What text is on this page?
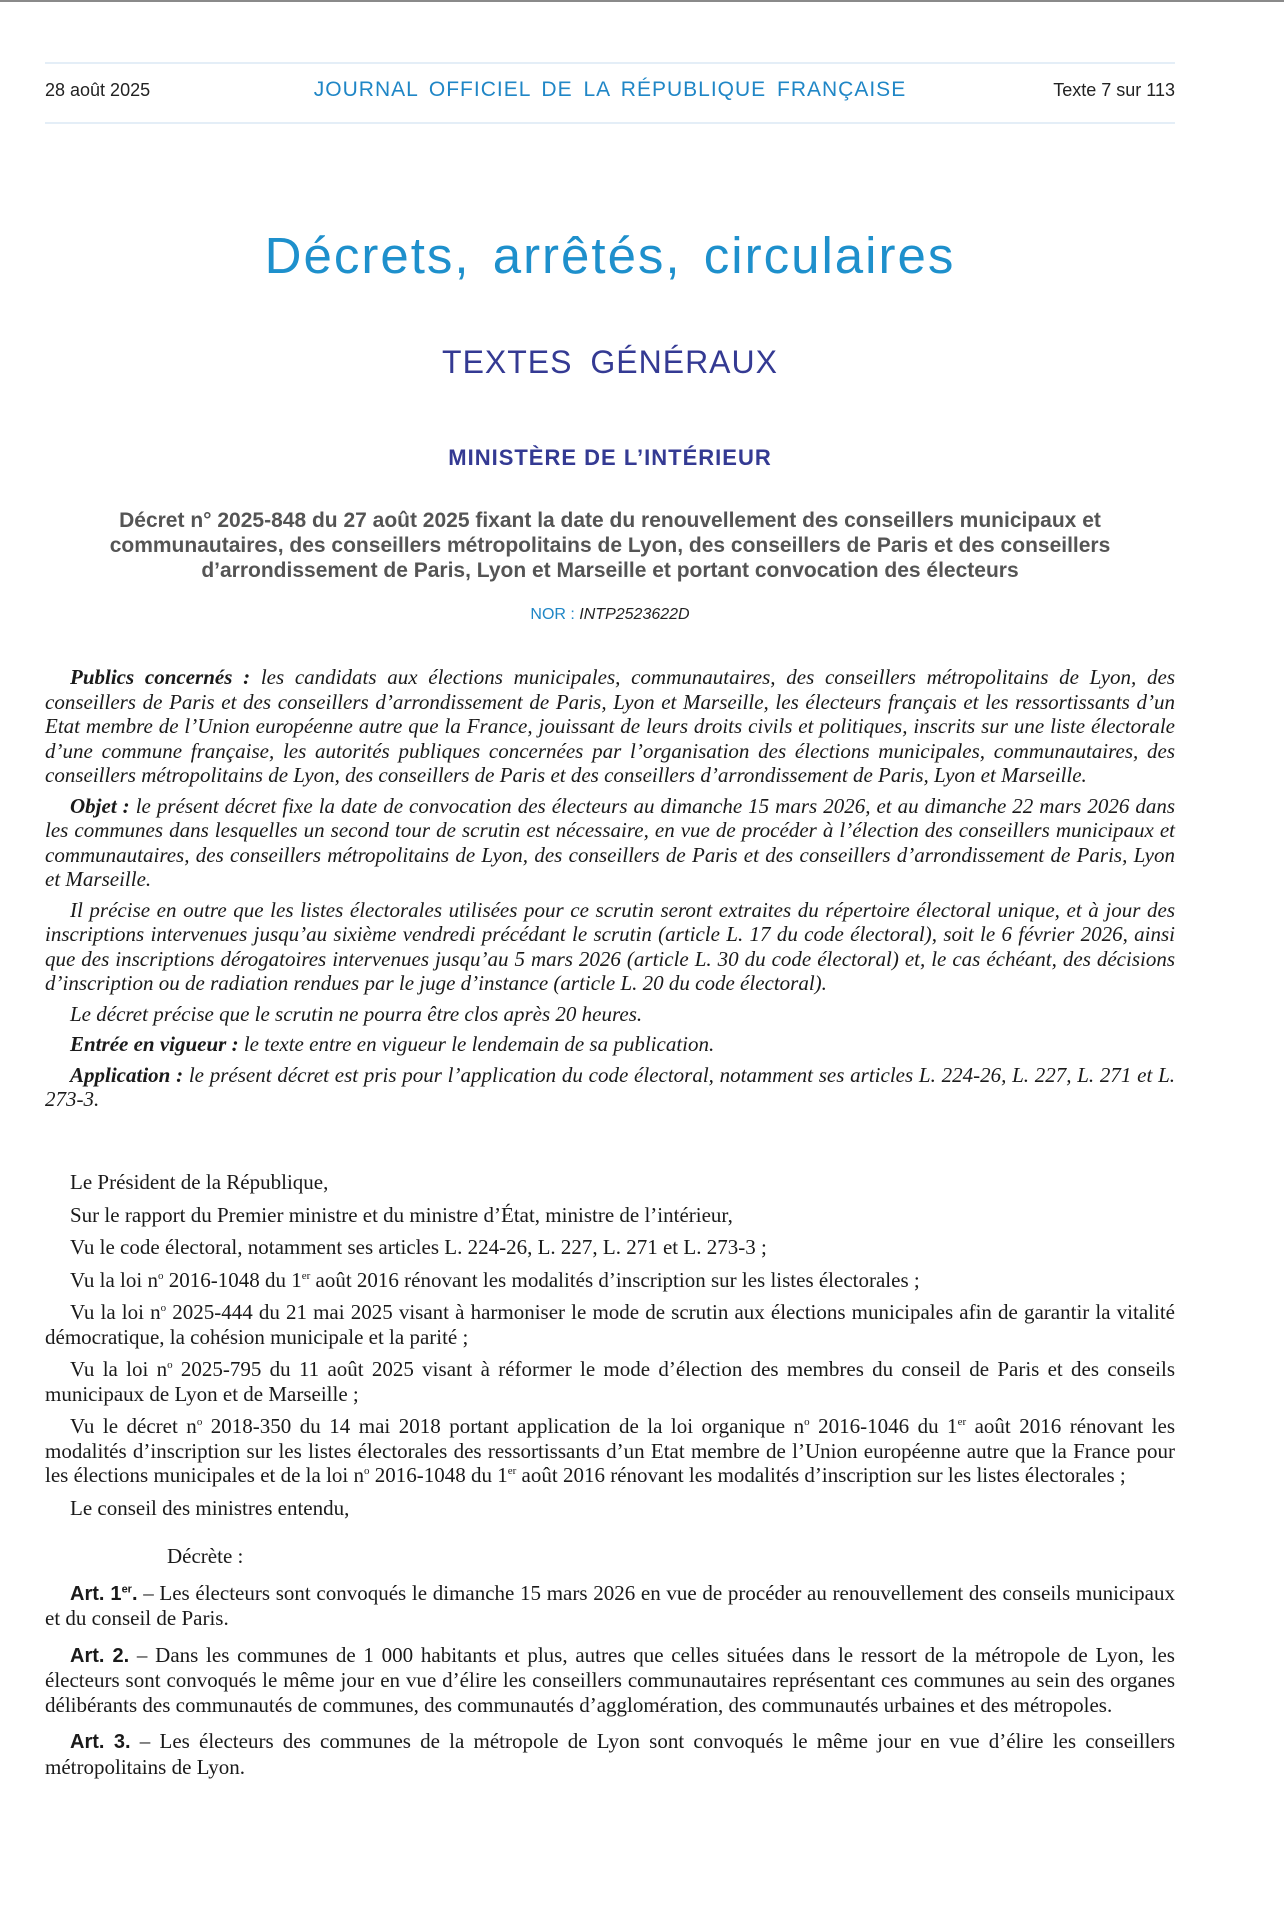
28 août 2025	JOURNAL OFFICIEL DE LA RÉPUBLIQUE FRANÇAISE	Texte 7 sur 113
Décrets, arrêtés, circulaires
TEXTES GÉNÉRAUX
MINISTÈRE DE L’INTÉRIEUR
Décret n° 2025-848 du 27 août 2025 fixant la date du renouvellement des conseillers municipaux et communautaires, des conseillers métropolitains de Lyon, des conseillers de Paris et des conseillers d’arrondissement de Paris, Lyon et Marseille et portant convocation des électeurs
NOR : INTP2523622D

Publics concernés : les candidats aux élections municipales, communautaires, des conseillers métropolitains de Lyon, des conseillers de Paris et des conseillers d’arrondissement de Paris, Lyon et Marseille, les électeurs français et les ressortissants d’un Etat membre de l’Union européenne autre que la France, jouissant de leurs droits civils et politiques, inscrits sur une liste électorale d’une commune française, les autorités publiques concernées par l’organisation des élections municipales, communautaires, des conseillers métropolitains de Lyon, des conseillers de Paris et des conseillers d’arrondissement de Paris, Lyon et Marseille.

Objet : le présent décret fixe la date de convocation des électeurs au dimanche 15 mars 2026, et au dimanche 22 mars 2026 dans les communes dans lesquelles un second tour de scrutin est nécessaire, en vue de procéder à l’élection des conseillers municipaux et communautaires, des conseillers métropolitains de Lyon, des conseillers de Paris et des conseillers d’arrondissement de Paris, Lyon et Marseille.

Il précise en outre que les listes électorales utilisées pour ce scrutin seront extraites du répertoire électoral unique, et à jour des inscriptions intervenues jusqu’au sixième vendredi précédant le scrutin (article L. 17 du code électoral), soit le 6 février 2026, ainsi que des inscriptions dérogatoires intervenues jusqu’au 5 mars 2026 (article L. 30 du code électoral) et, le cas échéant, des décisions d’inscription ou de radiation rendues par le juge d’instance (article L. 20 du code électoral).

Le décret précise que le scrutin ne pourra être clos après 20 heures.

Entrée en vigueur : le texte entre en vigueur le lendemain de sa publication.

Application : le présent décret est pris pour l’application du code électoral, notamment ses articles L. 224-26, L. 227, L. 271 et L. 273-3.

Le Président de la République,

Sur le rapport du Premier ministre et du ministre d’État, ministre de l’intérieur,

Vu le code électoral, notamment ses articles L. 224-26, L. 227, L. 271 et L. 273-3 ;

Vu la loi $n^o$ 2016-1048 du 1er août 2016 rénovant les modalités d’inscription sur les listes électorales ;

Vu la loi $n^o$ 2025-444 du 21 mai 2025 visant à harmoniser le mode de scrutin aux élections municipales afin de garantir la vitalité démocratique, la cohésion municipale et la parité ;

Vu la loi $n^o$ 2025-795 du 11 août 2025 visant à réformer le mode d’élection des membres du conseil de Paris et des conseils municipaux de Lyon et de Marseille ;

Vu le décret $n^o$ 2018-350 du 14 mai 2018 portant application de la loi organique $n^o$ 2016-1046 du 1er août 2016 rénovant les modalités d’inscription sur les listes électorales des ressortissants d’un Etat membre de l’Union européenne autre que la France pour les élections municipales et de la loi $n^o$ 2016-1048 du 1er août 2016 rénovant les modalités d’inscription sur les listes électorales ;

Le conseil des ministres entendu,

Décrète :

Art. 1er. – Les électeurs sont convoqués le dimanche 15 mars 2026 en vue de procéder au renouvellement des conseils municipaux et du conseil de Paris.

Art. 2. – Dans les communes de 1 000 habitants et plus, autres que celles situées dans le ressort de la métropole de Lyon, les électeurs sont convoqués le même jour en vue d’élire les conseillers communautaires représentant ces communes au sein des organes délibérants des communautés de communes, des communautés d’agglomération, des communautés urbaines et des métropoles.

Art. 3. – Les électeurs des communes de la métropole de Lyon sont convoqués le même jour en vue d’élire les conseillers métropolitains de Lyon.
